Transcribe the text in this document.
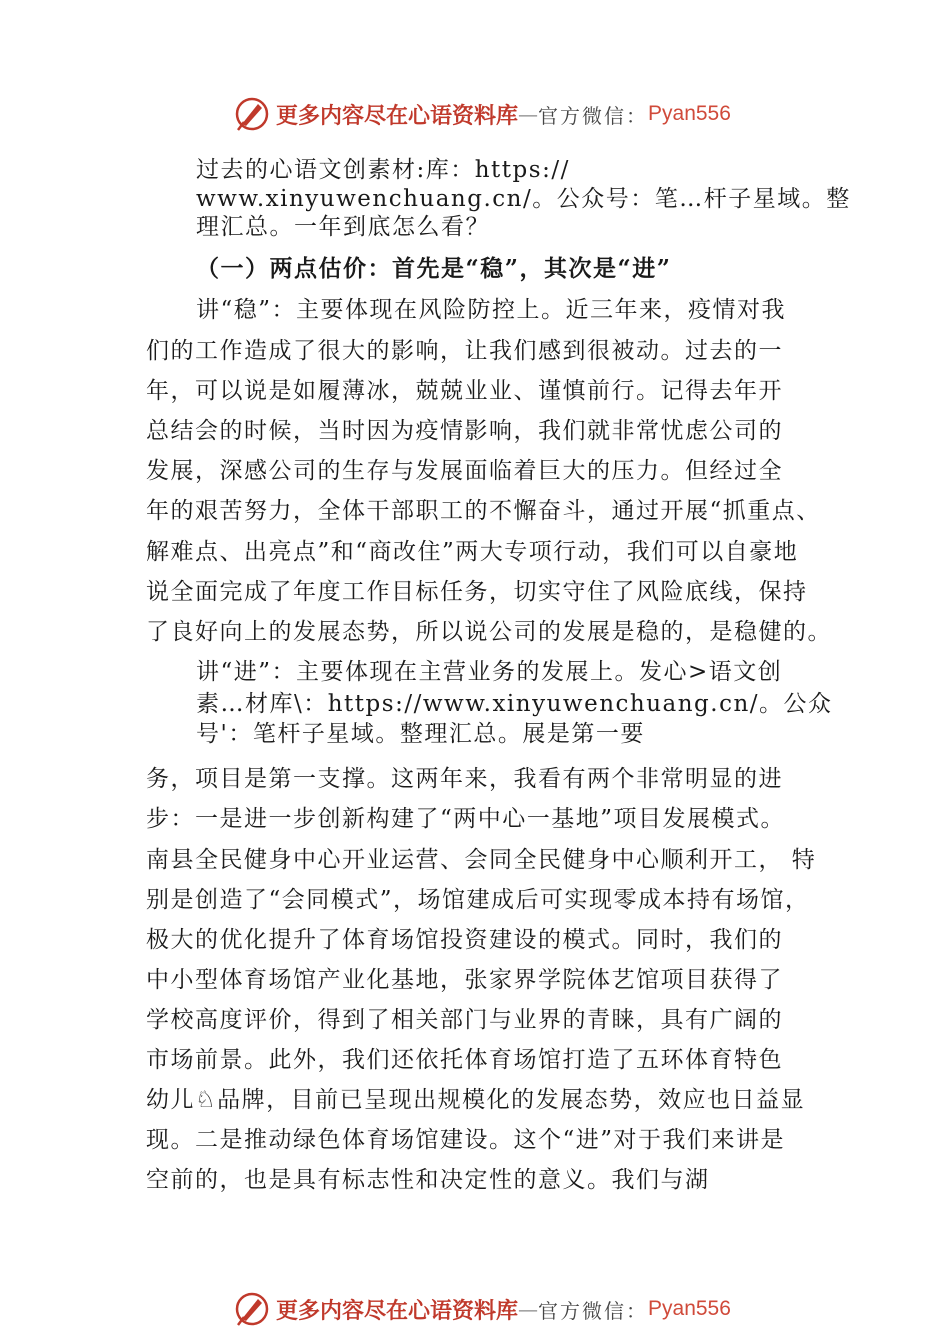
更多内容尽在心语资料库 — 官方微信： Pyan556
过去的心语文创素材:库：https://
www.xinyuwenchuang.cn/。公众号：笔…杆子星域。整
理汇总。一年到底怎么看？
（一）两点估价：首先是“稳”，其次是“进”
讲“稳”：主要体现在风险防控上。近三年来，疫情对我
们的工作造成了很大的影响，让我们感到很被动。过去的一
年，可以说是如履薄冰，兢兢业业、谨慎前行。记得去年开
总结会的时候，当时因为疫情影响，我们就非常忧虑公司的
发展，深感公司的生存与发展面临着巨大的压力。但经过全
年的艰苦努力，全体干部职工的不懈奋斗，通过开展“抓重点、
解难点、出亮点”和“商改住”两大专项行动，我们可以自豪地
说全面完成了年度工作目标任务，切实守住了风险底线，保持
了良好向上的发展态势，所以说公司的发展是稳的，是稳健的。
讲“进”：主要体现在主营业务的发展上。发心>语文创
素…材库\：https://www.xinyuwenchuang.cn/。公众
号'：笔杆子星域。整理汇总。展是第一要
务，项目是第一支撑。这两年来，我看有两个非常明显的进
步：一是进一步创新构建了“两中心一基地”项目发展模式。
南县全民健身中心开业运营、会同全民健身中心顺利开工， 特
别是创造了“会同模式”，场馆建成后可实现零成本持有场馆，
极大的优化提升了体育场馆投资建设的模式。同时，我们的
中小型体育场馆产业化基地，张家界学院体艺馆项目获得了
学校高度评价，得到了相关部门与业界的青睐，具有广阔的
市场前景。此外，我们还依托体育场馆打造了五环体育特色
幼儿♘品牌，目前已呈现出规模化的发展态势，效应也日益显
现。二是推动绿色体育场馆建设。这个“进”对于我们来讲是
空前的，也是具有标志性和决定性的意义。我们与湖
更多内容尽在心语资料库 — 官方微信： Pyan556
